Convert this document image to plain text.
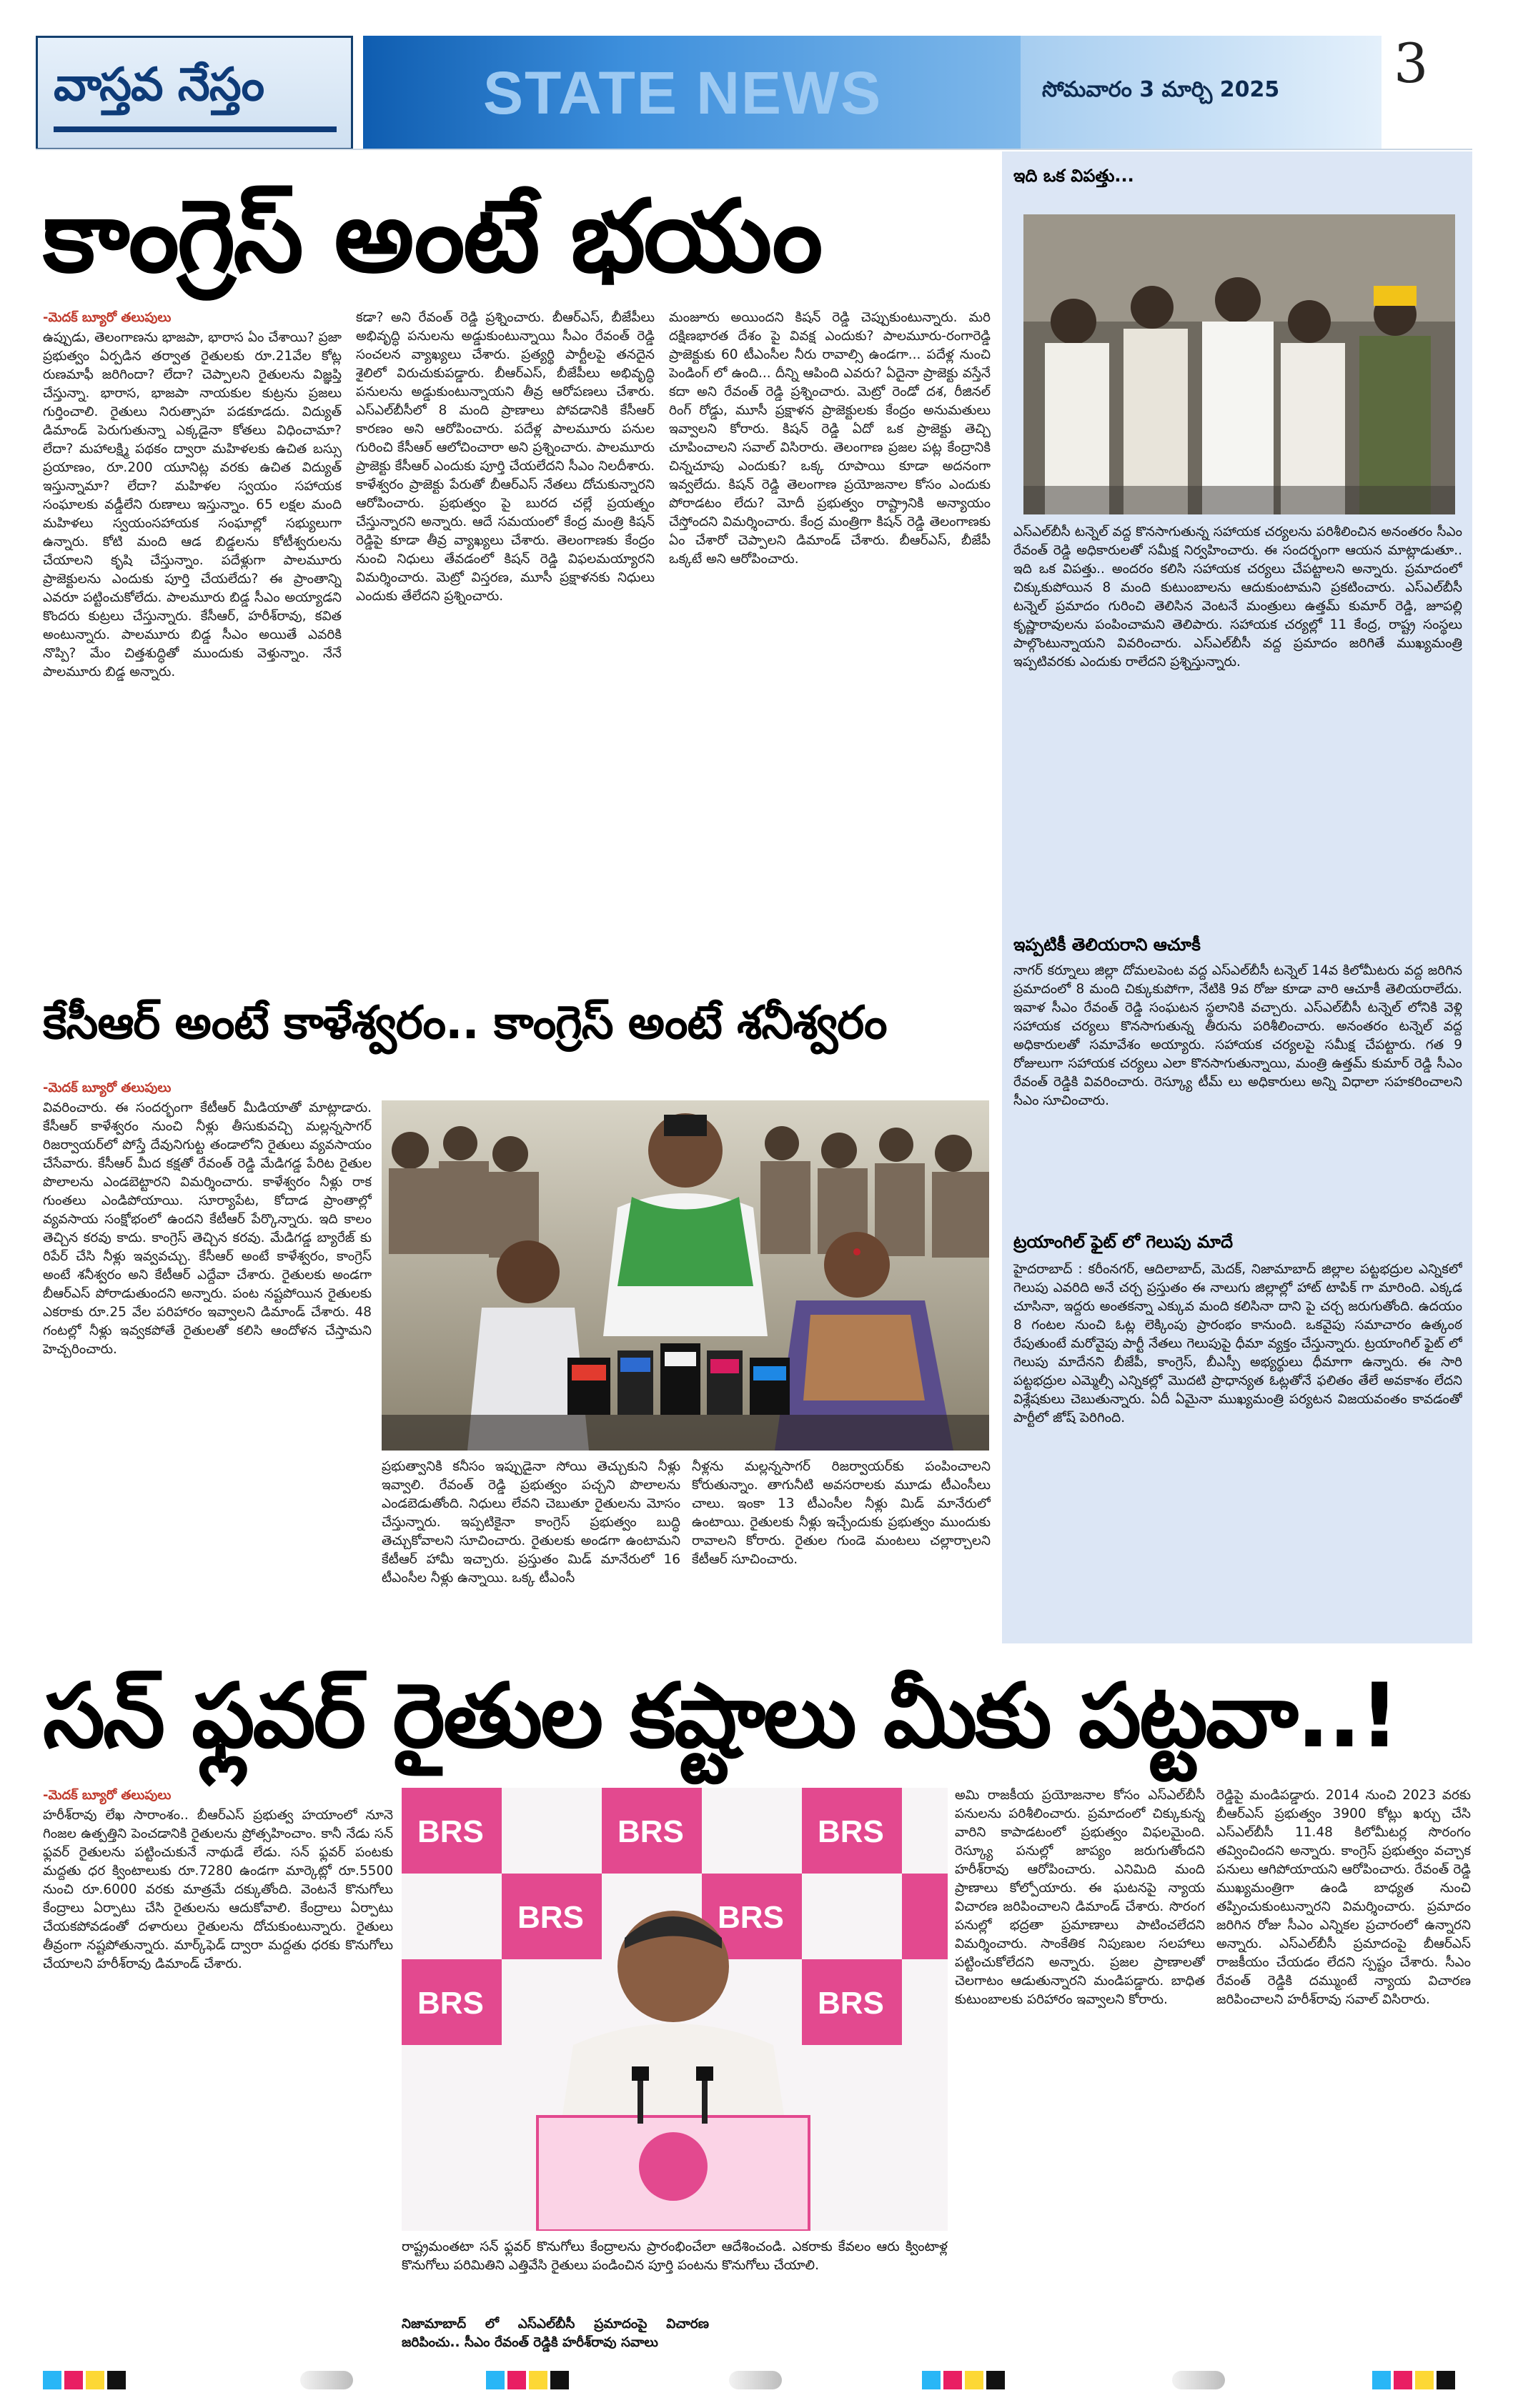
వాస్తవ నేస్తం	STATE NEWS	సోమవారం 3 మార్చి 2025 3
కాంగ్రెస్ అంటే భయం
-మెదక్ బ్యూరో తలుపులు
ఉప్పుడు, తెలంగాణను భాజపా, భారాస ఏం చేశాయి? ప్రజా ప్రభుత్వం ఏర్పడిన తర్వాత రైతులకు రూ.21వేల కోట్ల రుణమాఫీ జరిగిందా? లేదా? చెప్పాలని రైతులను విజ్ఞప్తి చేస్తున్నా. భారాస, భాజపా నాయకుల కుట్రను ప్రజలు గుర్తించాలి. రైతులు నిరుత్సాహ పడకూడదు. విద్యుత్ డిమాండ్ పెరుగుతున్నా ఎక్కడైనా కోతలు విధించామా? లేదా? మహాలక్ష్మి పథకం ద్వారా మహిళలకు ఉచిత బస్సు ప్రయాణం, రూ.200 యూనిట్ల వరకు ఉచిత విద్యుత్ ఇస్తున్నామా? లేదా? మహిళల స్వయం సహాయక సంఘాలకు వడ్డీలేని రుణాలు ఇస్తున్నాం. 65 లక్షల మంది మహిళలు స్వయంసహాయక సంఘాల్లో సభ్యులుగా ఉన్నారు. కోటి మంది ఆడ బిడ్డలను కోటీశ్వరులను చేయాలని కృషి చేస్తున్నాం. పదేళ్లుగా పాలమూరు ప్రాజెక్టులను ఎందుకు పూర్తి చేయలేదు? ఈ ప్రాంతాన్ని ఎవరూ పట్టించుకోలేదు. పాలమూరు బిడ్డ సీఎం అయ్యాడని కొందరు కుట్రలు చేస్తున్నారు. కేసీఆర్, హరీశ్‌రావు, కవిత అంటున్నారు. పాలమూరు బిడ్డ సీఎం అయితే ఎవరికి నొప్పి? మేం చిత్తశుద్ధితో ముందుకు వెళ్తున్నాం. నేనే పాలమూరు బిడ్డ అన్నారు.
కడా? అని రేవంత్ రెడ్డి ప్రశ్నించారు. బీఆర్ఎస్, బీజేపీలు అభివృద్ధి పనులను అడ్డుకుంటున్నాయి సీఎం రేవంత్ రెడ్డి సంచలన వ్యాఖ్యలు చేశారు. ప్రత్యర్థి పార్టీలపై తనదైన శైలిలో విరుచుకుపడ్డారు. బీఆర్ఎస్, బీజేపీలు అభివృద్ధి పనులను అడ్డుకుంటున్నాయని తీవ్ర ఆరోపణలు చేశారు. ఎస్ఎల్‌బీసీలో 8 మంది ప్రాణాలు పోవడానికి కేసీఆర్ కారణం అని ఆరోపించారు. పదేళ్ల పాలమూరు పనుల గురించి కేసీఆర్ ఆలోచించారా అని ప్రశ్నించారు. పాలమూరు ప్రాజెక్టు కేసీఆర్ ఎందుకు పూర్తి చేయలేదని సీఎం నిలదీశారు. కాళేశ్వరం ప్రాజెక్టు పేరుతో బీఆర్ఎస్ నేతలు దోచుకున్నారని ఆరోపించారు. ప్రభుత్వం పై బురద చల్లే ప్రయత్నం చేస్తున్నారని అన్నారు. ఆదే సమయంలో కేంద్ర మంత్రి కిషన్ రెడ్డిపై కూడా తీవ్ర వ్యాఖ్యలు చేశారు. తెలంగాణకు కేంద్రం నుంచి నిధులు తేవడంలో కిషన్ రెడ్డి విఫలమయ్యారని విమర్శించారు. మెట్రో విస్తరణ, మూసీ ప్రక్షాళనకు నిధులు ఎందుకు తేలేదని ప్రశ్నించారు.
మంజూరు అయిందని కిషన్ రెడ్డి చెప్పుకుంటున్నారు. మరి దక్షిణభారత దేశం పై వివక్ష ఎందుకు? పాలమూరు-రంగారెడ్డి ప్రాజెక్టుకు 60 టీఎంసీల నీరు రావాల్సి ఉండగా... పదేళ్ల నుంచి పెండింగ్ లో ఉంది... దీన్ని ఆపింది ఎవరు? ఏదైనా ప్రాజెక్టు వస్తేనే కదా అని రేవంత్ రెడ్డి ప్రశ్నించారు. మెట్రో రెండో దశ, రీజినల్ రింగ్ రోడ్డు, మూసీ ప్రక్షాళన ప్రాజెక్టులకు కేంద్రం అనుమతులు ఇవ్వాలని కోరారు. కిషన్ రెడ్డి ఏదో ఒక ప్రాజెక్టు తెచ్చి చూపించాలని సవాల్ విసిరారు. తెలంగాణ ప్రజల పట్ల కేంద్రానికి చిన్నచూపు ఎందుకు? ఒక్క రూపాయి కూడా అదనంగా ఇవ్వలేదు. కిషన్ రెడ్డి తెలంగాణ ప్రయోజనాల కోసం ఎందుకు పోరాడటం లేదు? మోదీ ప్రభుత్వం రాష్ట్రానికి అన్యాయం చేస్తోందని విమర్శించారు. కేంద్ర మంత్రిగా కిషన్ రెడ్డి తెలంగాణకు ఏం చేశారో చెప్పాలని డిమాండ్ చేశారు. బీఆర్ఎస్, బీజేపీ ఒక్కటే అని ఆరోపించారు.
కేసీఆర్ అంటే కాళేశ్వరం.. కాంగ్రెస్ అంటే శనీశ్వరం
-మెదక్ బ్యూరో తలుపులు
వివరించారు. ఈ సందర్భంగా కేటీఆర్ మీడియాతో మాట్లాడారు. కేసీఆర్ కాళేశ్వరం నుంచి నీళ్లు తీసుకువచ్చి మల్లన్నసాగర్ రిజర్వాయర్‌లో పోస్తే దేవునిగుట్ట తండాలోని రైతులు వ్యవసాయం చేసేవారు. కేసీఆర్ మీద కక్షతో రేవంత్ రెడ్డి మేడిగడ్డ పేరిట రైతుల పొలాలను ఎండబెట్టారని విమర్శించారు. కాళేశ్వరం నీళ్లు రాక గుంతలు ఎండిపోయాయి. సూర్యాపేట, కోదాడ ప్రాంతాల్లో వ్యవసాయ సంక్షోభంలో ఉందని కేటీఆర్ పేర్కొన్నారు. ఇది కాలం తెచ్చిన కరవు కాదు. కాంగ్రెస్ తెచ్చిన కరవు. మేడిగడ్డ బ్యారేజ్ కు రిపేర్ చేసి నీళ్లు ఇవ్వవచ్చు. కేసీఆర్ అంటే కాళేశ్వరం, కాంగ్రెస్ అంటే శనీశ్వరం అని కేటీఆర్ ఎద్దేవా చేశారు. రైతులకు అండగా బీఆర్ఎస్ పోరాడుతుందని అన్నారు. పంట నష్టపోయిన రైతులకు ఎకరాకు రూ.25 వేల పరిహారం ఇవ్వాలని డిమాండ్ చేశారు. 48 గంటల్లో నీళ్లు ఇవ్వకపోతే రైతులతో కలిసి ఆందోళన చేస్తామని హెచ్చరించారు.
ప్రభుత్వానికి కనీసం ఇప్పుడైనా సోయి తెచ్చుకుని నీళ్లు ఇవ్వాలి. రేవంత్ రెడ్డి ప్రభుత్వం పచ్చని పొలాలను ఎండబెడుతోంది. నిధులు లేవని చెబుతూ రైతులను మోసం చేస్తున్నారు. ఇప్పటికైనా కాంగ్రెస్ ప్రభుత్వం బుద్ధి తెచ్చుకోవాలని సూచించారు. రైతులకు అండగా ఉంటామని కేటీఆర్ హామీ ఇచ్చారు. ప్రస్తుతం మిడ్ మానేరులో 16 టీఎంసీల నీళ్లు ఉన్నాయి. ఒక్క టీఎంసీ
నీళ్లను మల్లన్నసాగర్ రిజర్వాయర్‌కు పంపించాలని కోరుతున్నాం. తాగునీటి అవసరాలకు మూడు టీఎంసీలు చాలు. ఇంకా 13 టీఎంసీల నీళ్లు మిడ్ మానేరులో ఉంటాయి. రైతులకు నీళ్లు ఇచ్చేందుకు ప్రభుత్వం ముందుకు రావాలని కోరారు. రైతుల గుండె మంటలు చల్లార్చాలని కేటీఆర్ సూచించారు.
ఇది ఒక విపత్తు...
ఎస్ఎల్‌బీసీ టన్నెల్ వద్ద కొనసాగుతున్న సహాయక చర్యలను పరిశీలించిన అనంతరం సీఎం రేవంత్ రెడ్డి అధికారులతో సమీక్ష నిర్వహించారు. ఈ సందర్భంగా ఆయన మాట్లాడుతూ.. ఇది ఒక విపత్తు.. అందరం కలిసి సహాయక చర్యలు చేపట్టాలని అన్నారు. ప్రమాదంలో చిక్కుకుపోయిన 8 మంది కుటుంబాలను ఆదుకుంటామని ప్రకటించారు. ఎస్ఎల్‌బీసీ టన్నెల్ ప్రమాదం గురించి తెలిసిన వెంటనే మంత్రులు ఉత్తమ్ కుమార్ రెడ్డి, జూపల్లి కృష్ణారావులను పంపించామని తెలిపారు. సహాయక చర్యల్లో 11 కేంద్ర, రాష్ట్ర సంస్థలు పాల్గొంటున్నాయని వివరించారు. ఎస్ఎల్‌బీసీ వద్ద ప్రమాదం జరిగితే ముఖ్యమంత్రి ఇప్పటివరకు ఎందుకు రాలేదని ప్రశ్నిస్తున్నారు.
ఇప్పటికీ తెలియరాని ఆచూకీ
నాగర్ కర్నూలు జిల్లా దోమలపెంట వద్ద ఎస్ఎల్‌బీసీ టన్నెల్ 14వ కిలోమీటరు వద్ద జరిగిన ప్రమాదంలో 8 మంది చిక్కుకుపోగా, నేటికి 9వ రోజు కూడా వారి ఆచూకీ తెలియరాలేదు. ఇవాళ సీఎం రేవంత్ రెడ్డి సంఘటన స్థలానికి వచ్చారు. ఎస్ఎల్‌బీసీ టన్నెల్ లోనికి వెళ్లి సహాయక చర్యలు కొనసాగుతున్న తీరును పరిశీలించారు. అనంతరం టన్నెల్ వద్ద అధికారులతో సమావేశం అయ్యారు. సహాయక చర్యలపై సమీక్ష చేపట్టారు. గత 9 రోజులుగా సహాయక చర్యలు ఎలా కొనసాగుతున్నాయి, మంత్రి ఉత్తమ్ కుమార్ రెడ్డి సీఎం రేవంత్ రెడ్డికి వివరించారు. రెస్క్యూ టీమ్ లు అధికారులు అన్ని విధాలా సహకరించాలని సీఎం సూచించారు.
ట్రయాంగిల్ ఫైట్ లో గెలుపు మాదే
హైదరాబాద్ : కరీంనగర్, ఆదిలాబాద్, మెదక్, నిజామాబాద్ జిల్లాల పట్టభద్రుల ఎన్నికలో గెలుపు ఎవరిది అనే చర్చ ప్రస్తుతం ఈ నాలుగు జిల్లాల్లో హాట్ టాపిక్ గా మారింది. ఎక్కడ చూసినా, ఇద్దరు అంతకన్నా ఎక్కువ మంది కలిసినా దాని పై చర్చ జరుగుతోంది. ఉదయం 8 గంటల నుంచి ఓట్ల లెక్కింపు ప్రారంభం కానుంది. ఒకవైపు సమాచారం ఉత్కంఠ రేపుతుంటే మరోవైపు పార్టీ నేతలు గెలుపుపై ధీమా వ్యక్తం చేస్తున్నారు. ట్రయాంగిల్ ఫైట్ లో గెలుపు మాదేనని బీజేపీ, కాంగ్రెస్, బీఎస్పీ అభ్యర్థులు ధీమాగా ఉన్నారు. ఈ సారి పట్టభద్రుల ఎమ్మెల్సీ ఎన్నికల్లో మొదటి ప్రాధాన్యత ఓట్లతోనే ఫలితం తేలే అవకాశం లేదని విశ్లేషకులు చెబుతున్నారు. ఏదీ ఏమైనా ముఖ్యమంత్రి పర్యటన విజయవంతం కావడంతో పార్టీలో జోష్ పెరిగింది.
సన్ ఫ్లవర్ రైతుల కష్టాలు మీకు పట్టవా..!
-మెదక్ బ్యూరో తలుపులు
హరీశ్‌రావు లేఖ సారాంశం.. బీఆర్ఎస్ ప్రభుత్వ హయాంలో నూనె గింజల ఉత్పత్తిని పెంచడానికి రైతులను ప్రోత్సహించాం. కానీ నేడు సన్ ఫ్లవర్ రైతులను పట్టించుకునే నాథుడే లేడు. సన్ ఫ్లవర్ పంటకు మద్దతు ధర క్వింటాలుకు రూ.7280 ఉండగా మార్కెట్లో రూ.5500 నుంచి రూ.6000 వరకు మాత్రమే దక్కుతోంది. వెంటనే కొనుగోలు కేంద్రాలు ఏర్పాటు చేసి రైతులను ఆదుకోవాలి. కేంద్రాలు ఏర్పాటు చేయకపోవడంతో దళారులు రైతులను దోచుకుంటున్నారు. రైతులు తీవ్రంగా నష్టపోతున్నారు. మార్క్‌ఫెడ్ ద్వారా మద్దతు ధరకు కొనుగోలు చేయాలని హరీశ్‌రావు డిమాండ్ చేశారు.
BRS	BRS	BRS
BRS	BRS
BRS	BRS
రాష్ట్రమంతటా సన్ ఫ్లవర్ కొనుగోలు కేంద్రాలను ప్రారంభించేలా ఆదేశించండి. ఎకరాకు కేవలం ఆరు క్వింటాళ్ల కొనుగోలు పరిమితిని ఎత్తివేసి రైతులు పండించిన పూర్తి పంటను కొనుగోలు చేయాలి.
నిజామాబాద్ లో ఎస్ఎల్‌బీసీ ప్రమాదంపై విచారణ జరిపించు.. సీఎం రేవంత్ రెడ్డికి హరీశ్‌రావు సవాలు
అమి రాజకీయ ప్రయోజనాల కోసం ఎస్ఎల్‌బీసీ పనులను పరిశీలించారు. ప్రమాదంలో చిక్కుకున్న వారిని కాపాడటంలో ప్రభుత్వం విఫలమైంది. రెస్క్యూ పనుల్లో జాప్యం జరుగుతోందని హరీశ్‌రావు ఆరోపించారు. ఎనిమిది మంది ప్రాణాలు కోల్పోయారు. ఈ ఘటనపై న్యాయ విచారణ జరిపించాలని డిమాండ్ చేశారు. సొరంగ పనుల్లో భద్రతా ప్రమాణాలు పాటించలేదని విమర్శించారు. సాంకేతిక నిపుణుల సలహాలు పట్టించుకోలేదని అన్నారు. ప్రజల ప్రాణాలతో చెలగాటం ఆడుతున్నారని మండిపడ్డారు. బాధిత కుటుంబాలకు పరిహారం ఇవ్వాలని కోరారు.
రెడ్డిపై మండిపడ్డారు. 2014 నుంచి 2023 వరకు బీఆర్ఎస్ ప్రభుత్వం 3900 కోట్లు ఖర్చు చేసి ఎస్ఎల్‌బీసీ 11.48 కిలోమీటర్ల సొరంగం తవ్వించిందని అన్నారు. కాంగ్రెస్ ప్రభుత్వం వచ్చాక పనులు ఆగిపోయాయని ఆరోపించారు. రేవంత్ రెడ్డి ముఖ్యమంత్రిగా ఉండి బాధ్యత నుంచి తప్పించుకుంటున్నారని విమర్శించారు. ప్రమాదం జరిగిన రోజు సీఎం ఎన్నికల ప్రచారంలో ఉన్నారని అన్నారు. ఎస్ఎల్‌బీసీ ప్రమాదంపై బీఆర్ఎస్ రాజకీయం చేయడం లేదని స్పష్టం చేశారు. సీఎం రేవంత్ రెడ్డికి దమ్ముంటే న్యాయ విచారణ జరిపించాలని హరీశ్‌రావు సవాల్ విసిరారు.
